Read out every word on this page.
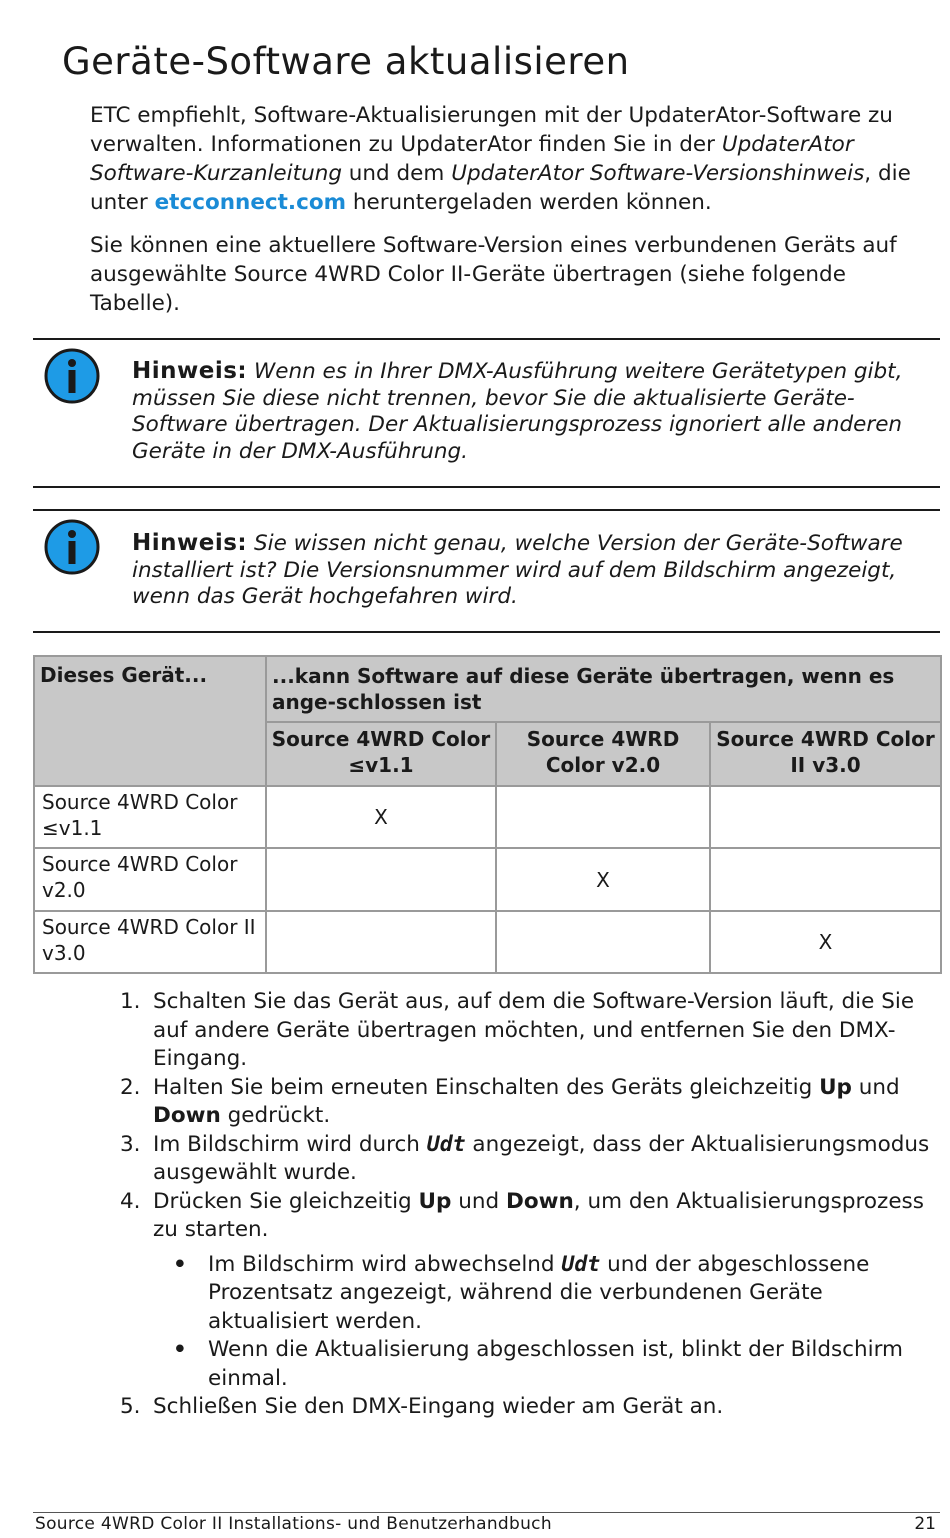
Geräte-Software aktualisieren

ETC empfiehlt, Software-Aktualisierungen mit der UpdaterAtor-Software zu verwalten. Informationen zu UpdaterAtor finden Sie in der UpdaterAtor Software-Kurzanleitung und dem UpdaterAtor Software-Versionshinweis, die unter etcconnect.com heruntergeladen werden können.

Sie können eine aktuellere Software-Version eines verbundenen Geräts auf ausgewählte Source 4WRD Color II-Geräte übertragen (siehe folgende Tabelle).

Hinweis: Wenn es in Ihrer DMX-Ausführung weitere Gerätetypen gibt, müssen Sie diese nicht trennen, bevor Sie die aktualisierte Geräte-Software übertragen. Der Aktualisierungsprozess ignoriert alle anderen Geräte in der DMX-Ausführung.

Hinweis: Sie wissen nicht genau, welche Version der Geräte-Software installiert ist? Die Versionsnummer wird auf dem Bildschirm angezeigt, wenn das Gerät hochgefahren wird.

Dieses Gerät...	...kann Software auf diese Geräte übertragen, wenn es ange-schlossen ist		
	Source 4WRD Color ≤v1.1	Source 4WRD Color v2.0	Source 4WRD Color II v3.0
Source 4WRD Color ≤v1.1	X		
Source 4WRD Color v2.0		X	
Source 4WRD Color II v3.0			X
1. Schalten Sie das Gerät aus, auf dem die Software-Version läuft, die Sie auf andere Geräte übertragen möchten, und entfernen Sie den DMX-Eingang.
2. Halten Sie beim erneuten Einschalten des Geräts gleichzeitig Up und Down gedrückt.
3. Im Bildschirm wird durch Udt angezeigt, dass der Aktualisierungsmodus ausgewählt wurde.
4. Drücken Sie gleichzeitig Up und Down, um den Aktualisierungsprozess zu starten.
• Im Bildschirm wird abwechselnd Udt und der abgeschlossene Prozentsatz angezeigt, während die verbundenen Geräte aktualisiert werden.
• Wenn die Aktualisierung abgeschlossen ist, blinkt der Bildschirm einmal.
5. Schließen Sie den DMX-Eingang wieder am Gerät an.
Source 4WRD Color II Installations- und Benutzerhandbuch	21
